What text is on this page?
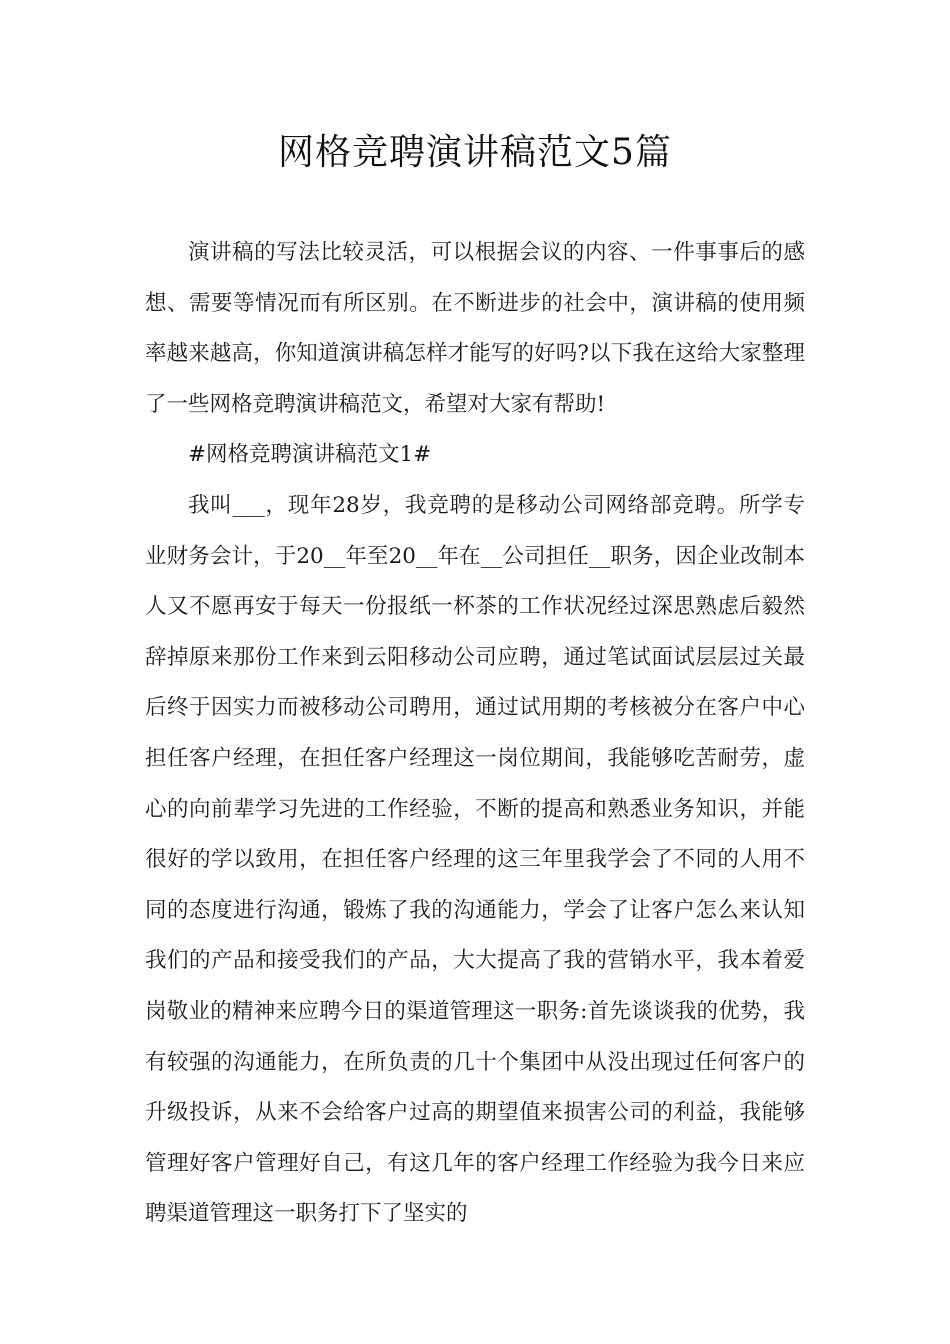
网格竞聘演讲稿范文5篇

演讲稿的写法比较灵活，可以根据会议的内容、一件事事后的感想、需要等情况而有所区别。在不断进步的社会中，演讲稿的使用频率越来越高，你知道演讲稿怎样才能写的好吗?以下我在这给大家整理了一些网格竞聘演讲稿范文，希望对大家有帮助!

#网格竞聘演讲稿范文1#

我叫___，现年28岁，我竞聘的是移动公司网络部竞聘。所学专业财务会计，于20__年至20__年在__公司担任__职务，因企业改制本人又不愿再安于每天一份报纸一杯茶的工作状况经过深思熟虑后毅然辞掉原来那份工作来到云阳移动公司应聘，通过笔试面试层层过关最后终于因实力而被移动公司聘用，通过试用期的考核被分在客户中心担任客户经理，在担任客户经理这一岗位期间，我能够吃苦耐劳，虚心的向前辈学习先进的工作经验，不断的提高和熟悉业务知识，并能很好的学以致用，在担任客户经理的这三年里我学会了不同的人用不同的态度进行沟通，锻炼了我的沟通能力，学会了让客户怎么来认知我们的产品和接受我们的产品，大大提高了我的营销水平，我本着爱岗敬业的精神来应聘今日的渠道管理这一职务:首先谈谈我的优势，我有较强的沟通能力，在所负责的几十个集团中从没出现过任何客户的升级投诉，从来不会给客户过高的期望值来损害公司的利益，我能够管理好客户管理好自己，有这几年的客户经理工作经验为我今日来应聘渠道管理这一职务打下了坚实的
